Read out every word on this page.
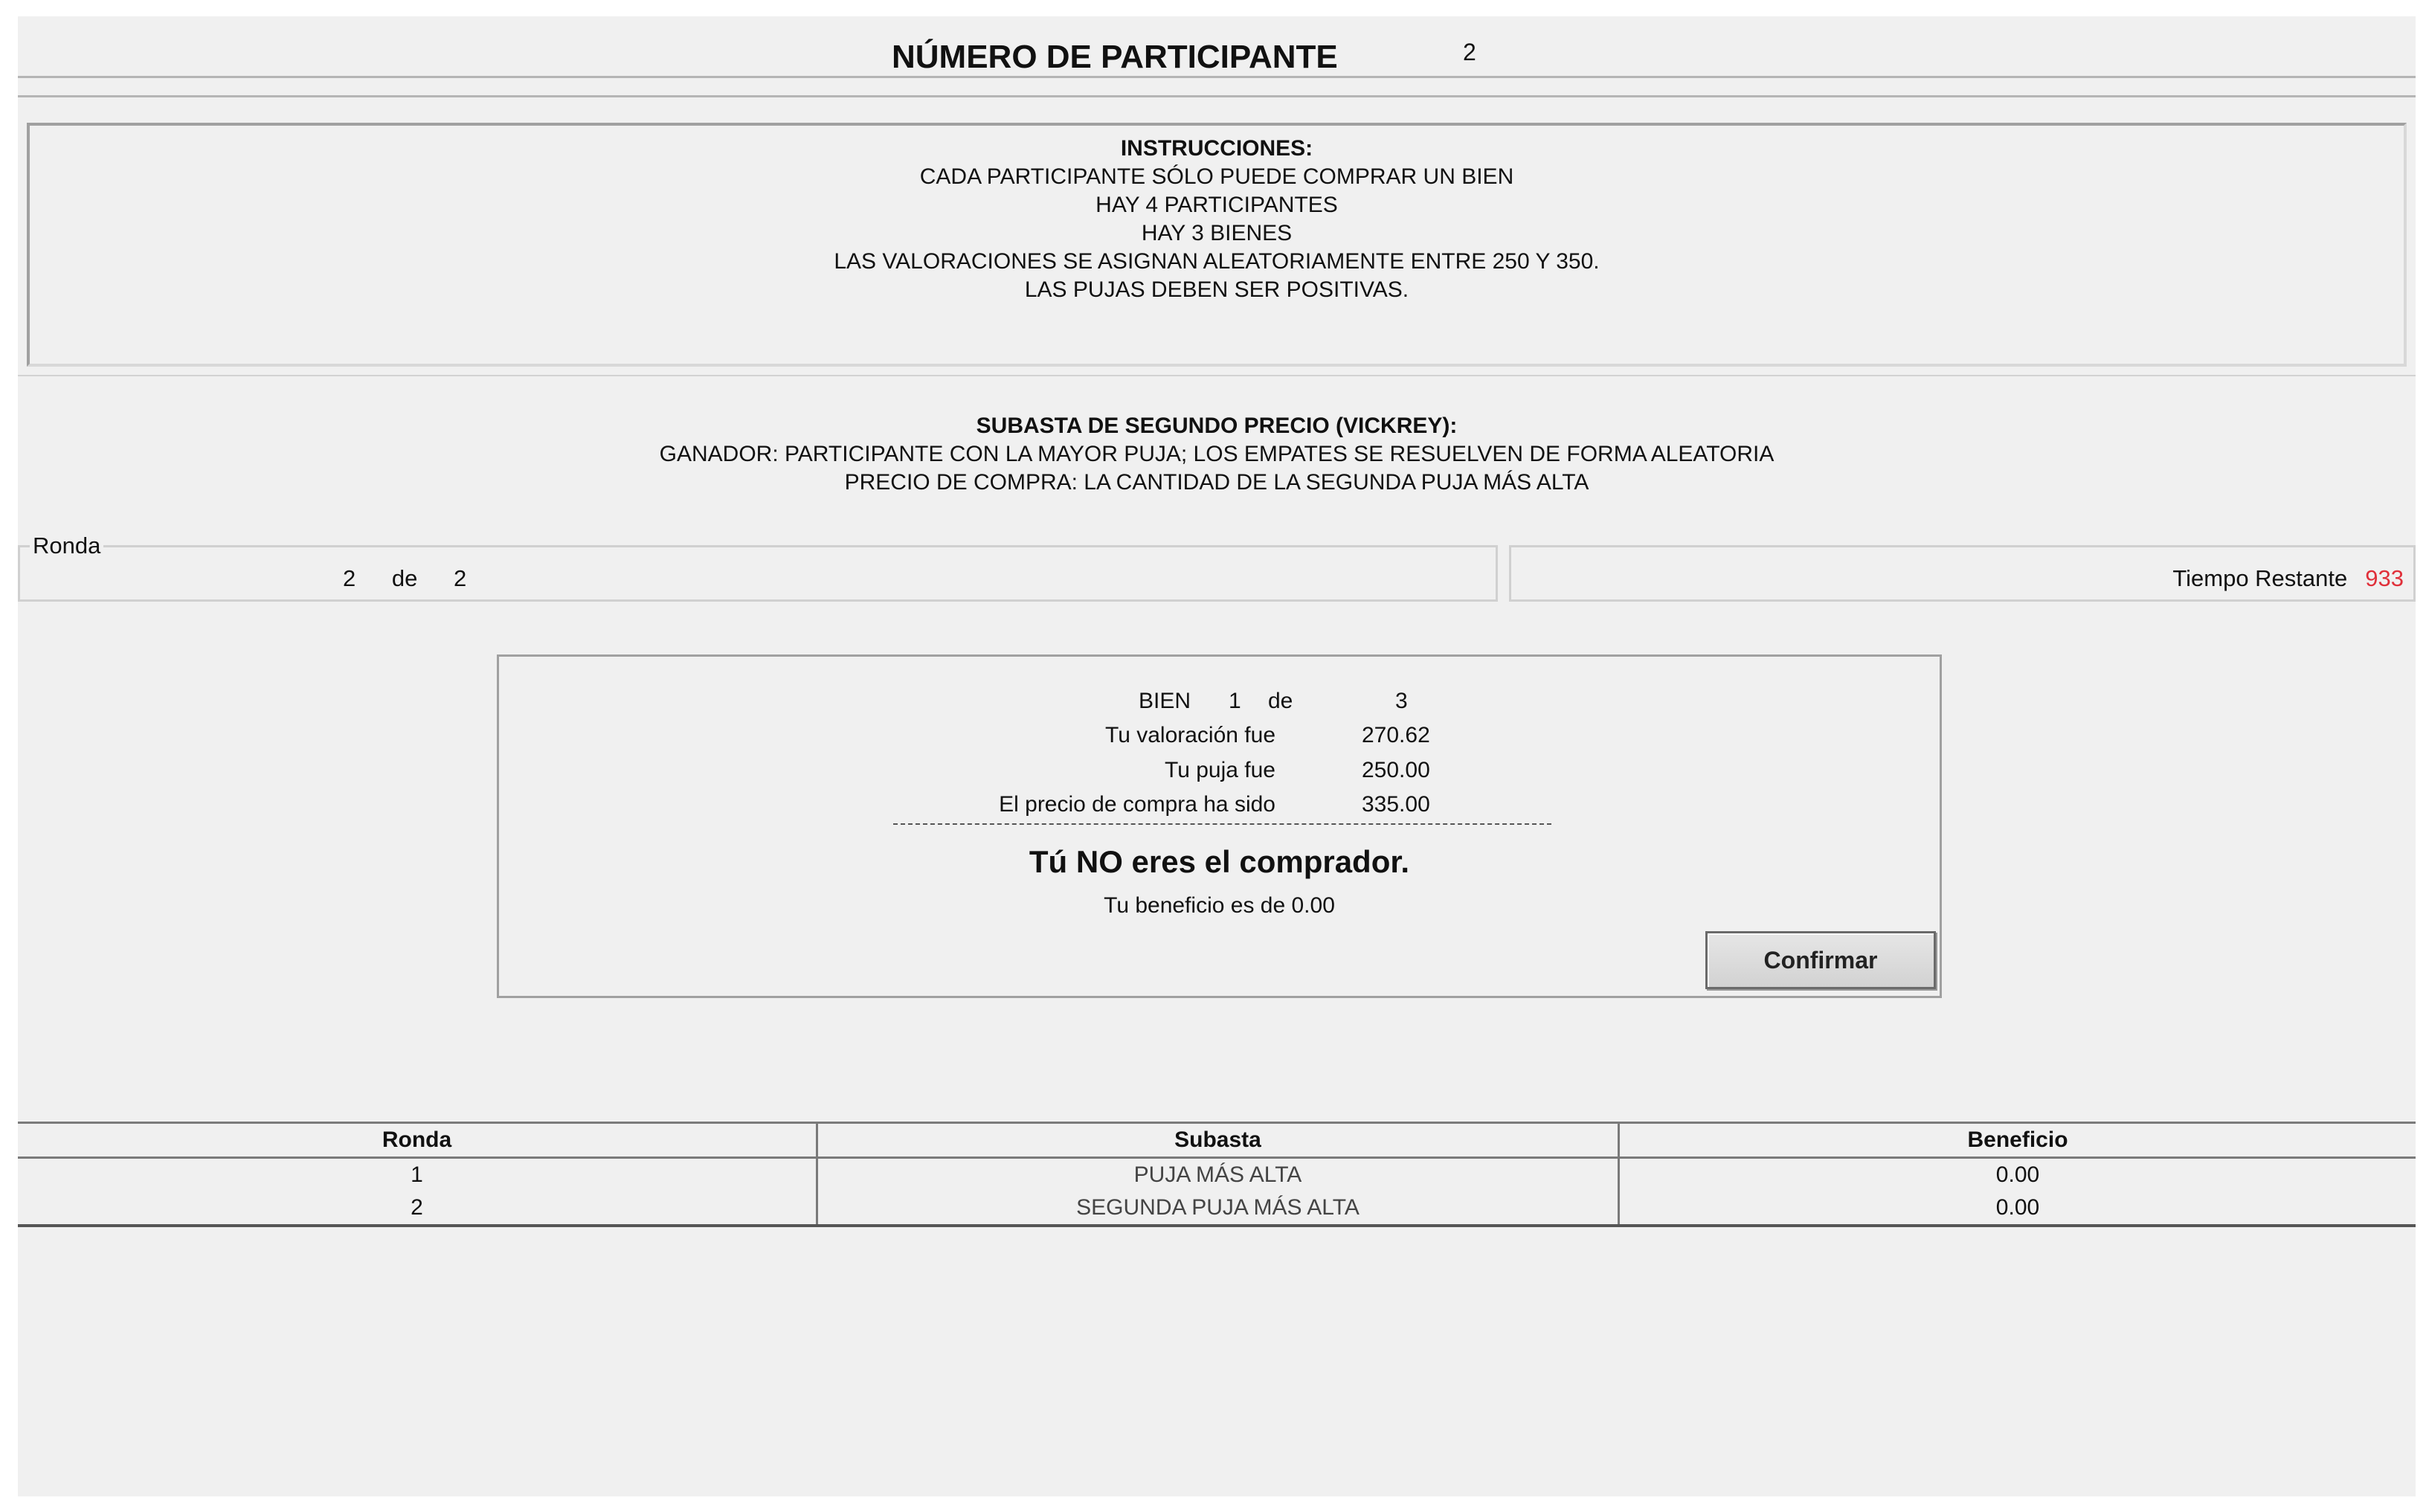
NÚMERO DE PARTICIPANTE	2
INSTRUCCIONES:
CADA PARTICIPANTE SÓLO PUEDE COMPRAR UN BIEN
HAY 4 PARTICIPANTES
HAY 3 BIENES
LAS VALORACIONES SE ASIGNAN ALEATORIAMENTE ENTRE 250 Y 350.
LAS PUJAS DEBEN SER POSITIVAS.
SUBASTA DE SEGUNDO PRECIO (VICKREY):
GANADOR: PARTICIPANTE CON LA MAYOR PUJA; LOS EMPATES SE RESUELVEN DE FORMA ALEATORIA
PRECIO DE COMPRA: LA CANTIDAD DE LA SEGUNDA PUJA MÁS ALTA
Ronda
2 de 2	Tiempo Restante 933
BIEN 1 de	3
Tu valoración fue	270.62
Tu puja fue	250.00
El precio de compra ha sido	335.00
Tú NO eres el comprador.
Tu beneficio es de 0.00
Confirmar
Ronda	Subasta	Beneficio
1	PUJA MÁS ALTA	0.00
2	SEGUNDA PUJA MÁS ALTA	0.00
